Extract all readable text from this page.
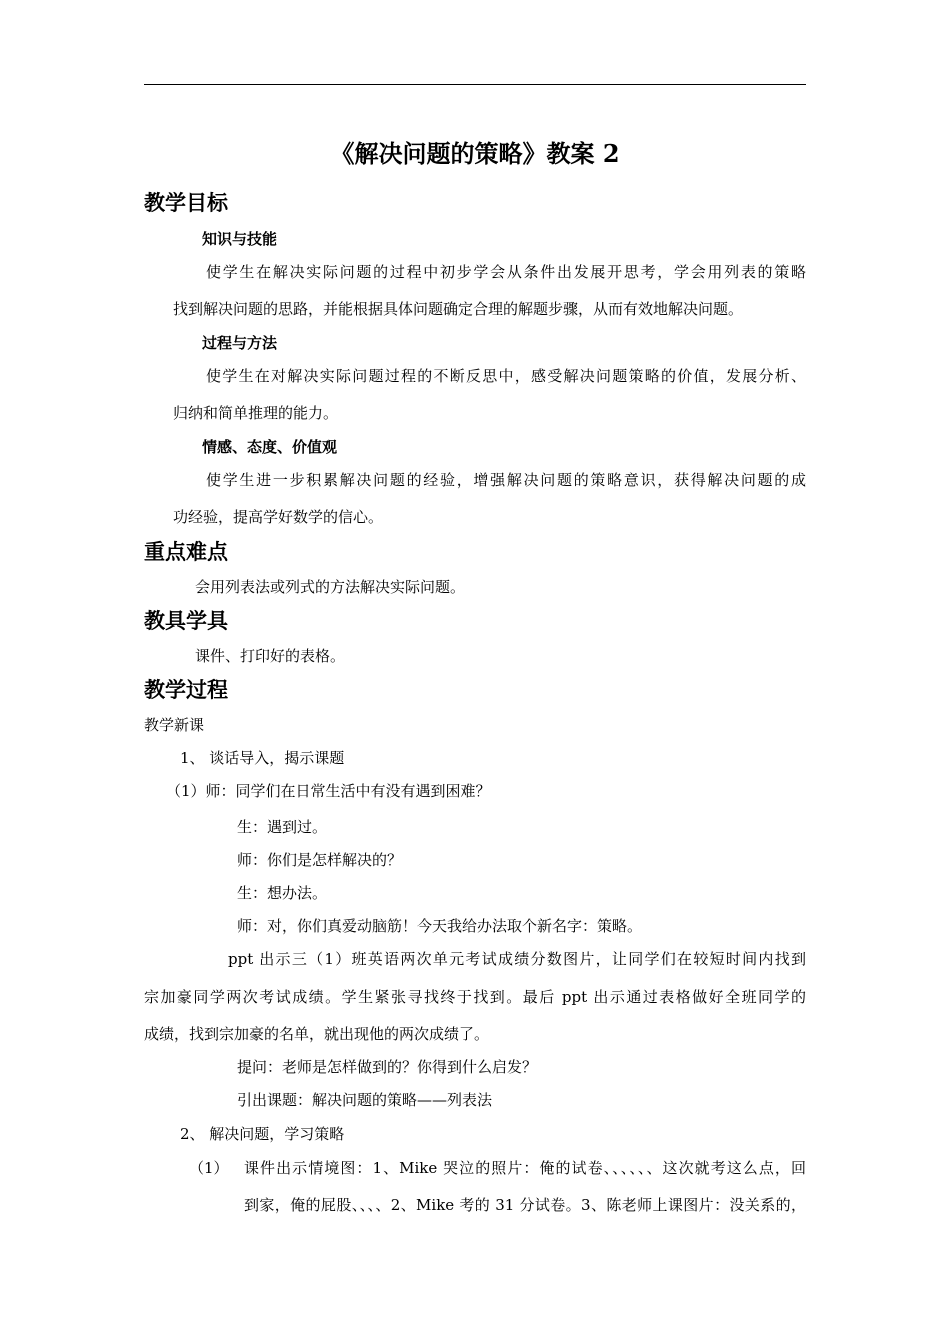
《解决问题的策略》教案 2
教学目标
知识与技能
使学生在解决实际问题的过程中初步学会从条件出发展开思考，学会用列表的策略
找到解决问题的思路，并能根据具体问题确定合理的解题步骤，从而有效地解决问题。
过程与方法
使学生在对解决实际问题过程的不断反思中，感受解决问题策略的价值，发展分析、
归纳和简单推理的能力。
情感、态度、价值观
使学生进一步积累解决问题的经验，增强解决问题的策略意识，获得解决问题的成
功经验，提高学好数学的信心。
重点难点
会用列表法或列式的方法解决实际问题。
教具学具
课件、打印好的表格。
教学过程
教学新课
1、 谈话导入，揭示课题
（1）师：同学们在日常生活中有没有遇到困难？
生：遇到过。
师：你们是怎样解决的？
生：想办法。
师：对，你们真爱动脑筋！今天我给办法取个新名字：策略。
ppt 出示三（1）班英语两次单元考试成绩分数图片，让同学们在较短时间内找到
宗加豪同学两次考试成绩。学生紧张寻找终于找到。最后 ppt 出示通过表格做好全班同学的
成绩，找到宗加豪的名单，就出现他的两次成绩了。
提问：老师是怎样做到的？你得到什么启发？
引出课题：解决问题的策略——列表法
2、 解决问题，学习策略
（1） 课件出示情境图：1、Mike 哭泣的照片：俺的试卷、、、、、、这次就考这么点，回
到家，俺的屁股、、、、2、Mike 考的 31 分试卷。3、陈老师上课图片：没关系的，
